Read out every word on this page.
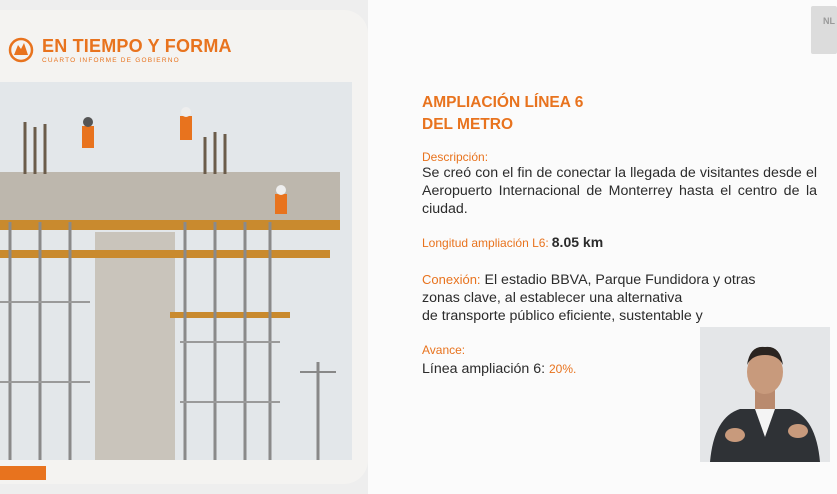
EN TIEMPO Y FORMA
CUARTO INFORME DE GOBIERNO
AMPLIACIÓN LÍNEA 6
DEL METRO
Descripción:
Se creó con el fin de conectar la llegada de visitantes desde el Aeropuerto Internacional de Monterrey hasta el centro de la ciudad.
Longitud ampliación L6: 8.05 km
Conexión: El estadio BBVA, Parque Fundidora y otras
zonas clave, al establecer una alternativa
de transporte público eficiente, sustentable y
Avance:
Línea ampliación 6: 20%.
NL
